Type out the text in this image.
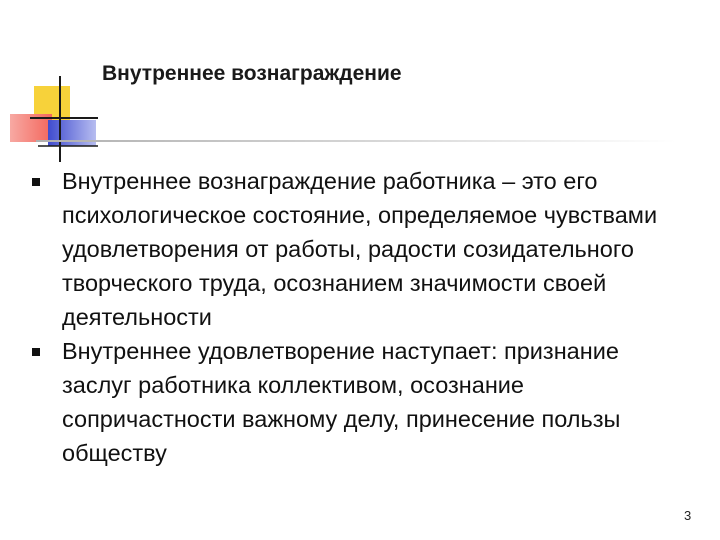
Внутреннее вознаграждение
Внутреннее вознаграждение работника – это его психологическое состояние, определяемое чувствами удовлетворения от работы, радости созидательного творческого труда, осознанием значимости своей деятельности
Внутреннее удовлетворение наступает: признание заслуг работника коллективом, осознание сопричастности важному делу, принесение пользы обществу
3
